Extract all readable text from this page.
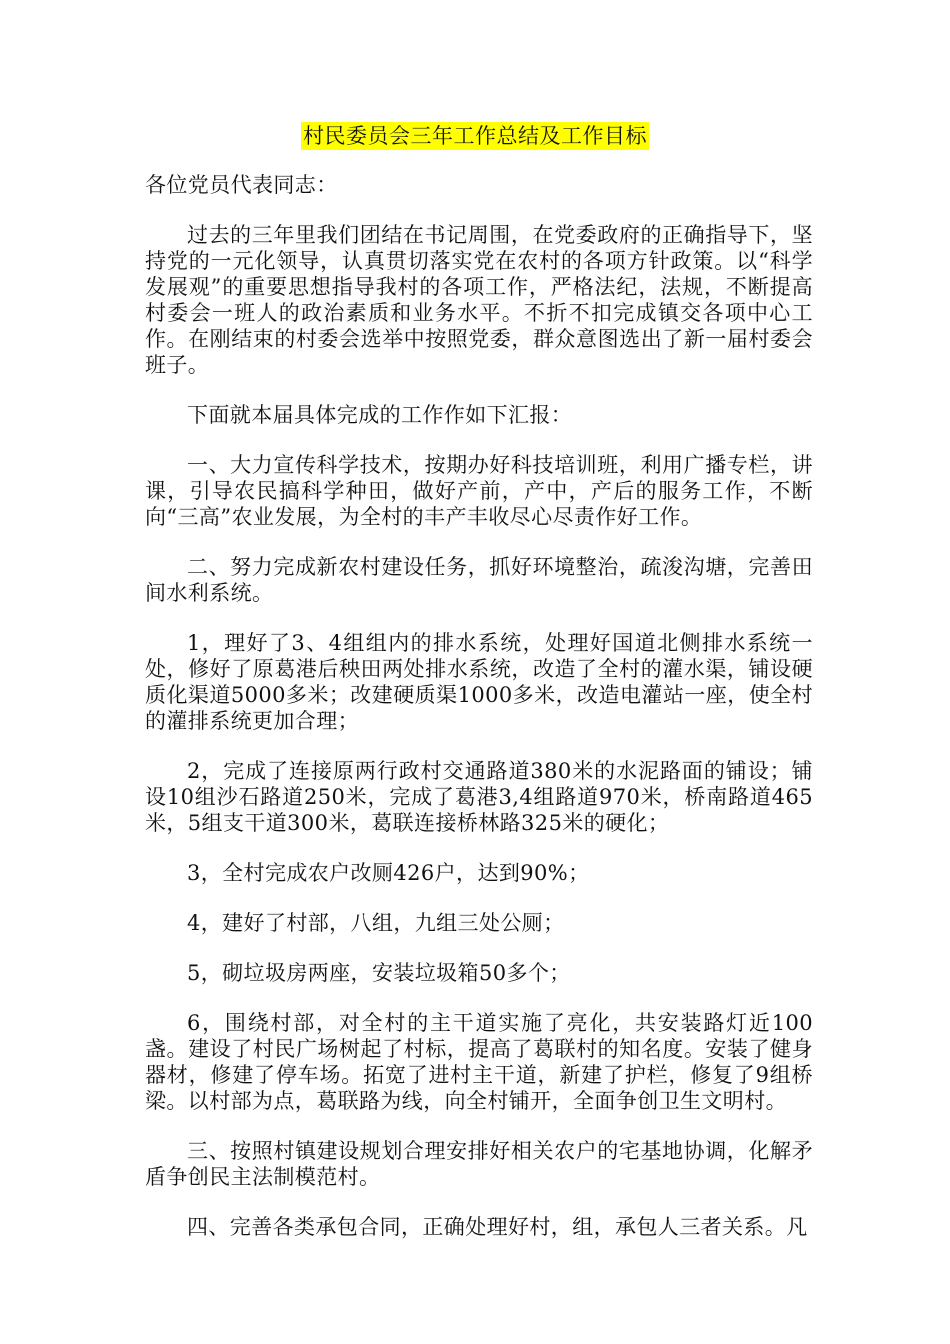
村民委员会三年工作总结及工作目标

各位党员代表同志：

过去的三年里我们团结在书记周围，在党委政府的正确指导下，坚持党的一元化领导，认真贯切落实党在农村的各项方针政策。以“科学发展观”的重要思想指导我村的各项工作，严格法纪，法规，不断提高村委会一班人的政治素质和业务水平。不折不扣完成镇交各项中心工作。在刚结束的村委会选举中按照党委，群众意图选出了新一届村委会班子。

下面就本届具体完成的工作作如下汇报：

一、大力宣传科学技术，按期办好科技培训班，利用广播专栏，讲课，引导农民搞科学种田，做好产前，产中，产后的服务工作，不断向“三高”农业发展，为全村的丰产丰收尽心尽责作好工作。

二、努力完成新农村建设任务，抓好环境整治，疏浚沟塘，完善田间水利系统。

1，理好了3、4组组内的排水系统，处理好国道北侧排水系统一处，修好了原葛港后秧田两处排水系统，改造了全村的灌水渠，铺设硬质化渠道5000多米；改建硬质渠1000多米，改造电灌站一座，使全村的灌排系统更加合理；

2，完成了连接原两行政村交通路道380米的水泥路面的铺设；铺设10组沙石路道250米，完成了葛港3,4组路道970米，桥南路道465米，5组支干道300米，葛联连接桥林路325米的硬化；

3，全村完成农户改厕426户，达到90%；

4，建好了村部，八组，九组三处公厕；

5，砌垃圾房两座，安装垃圾箱50多个；

6，围绕村部，对全村的主干道实施了亮化，共安装路灯近100盏。建设了村民广场树起了村标，提高了葛联村的知名度。安装了健身器材，修建了停车场。拓宽了进村主干道，新建了护栏，修复了9组桥梁。以村部为点，葛联路为线，向全村铺开，全面争创卫生文明村。

三、按照村镇建设规划合理安排好相关农户的宅基地协调，化解矛盾争创民主法制模范村。

四、完善各类承包合同，正确处理好村，组，承包人三者关系。凡
